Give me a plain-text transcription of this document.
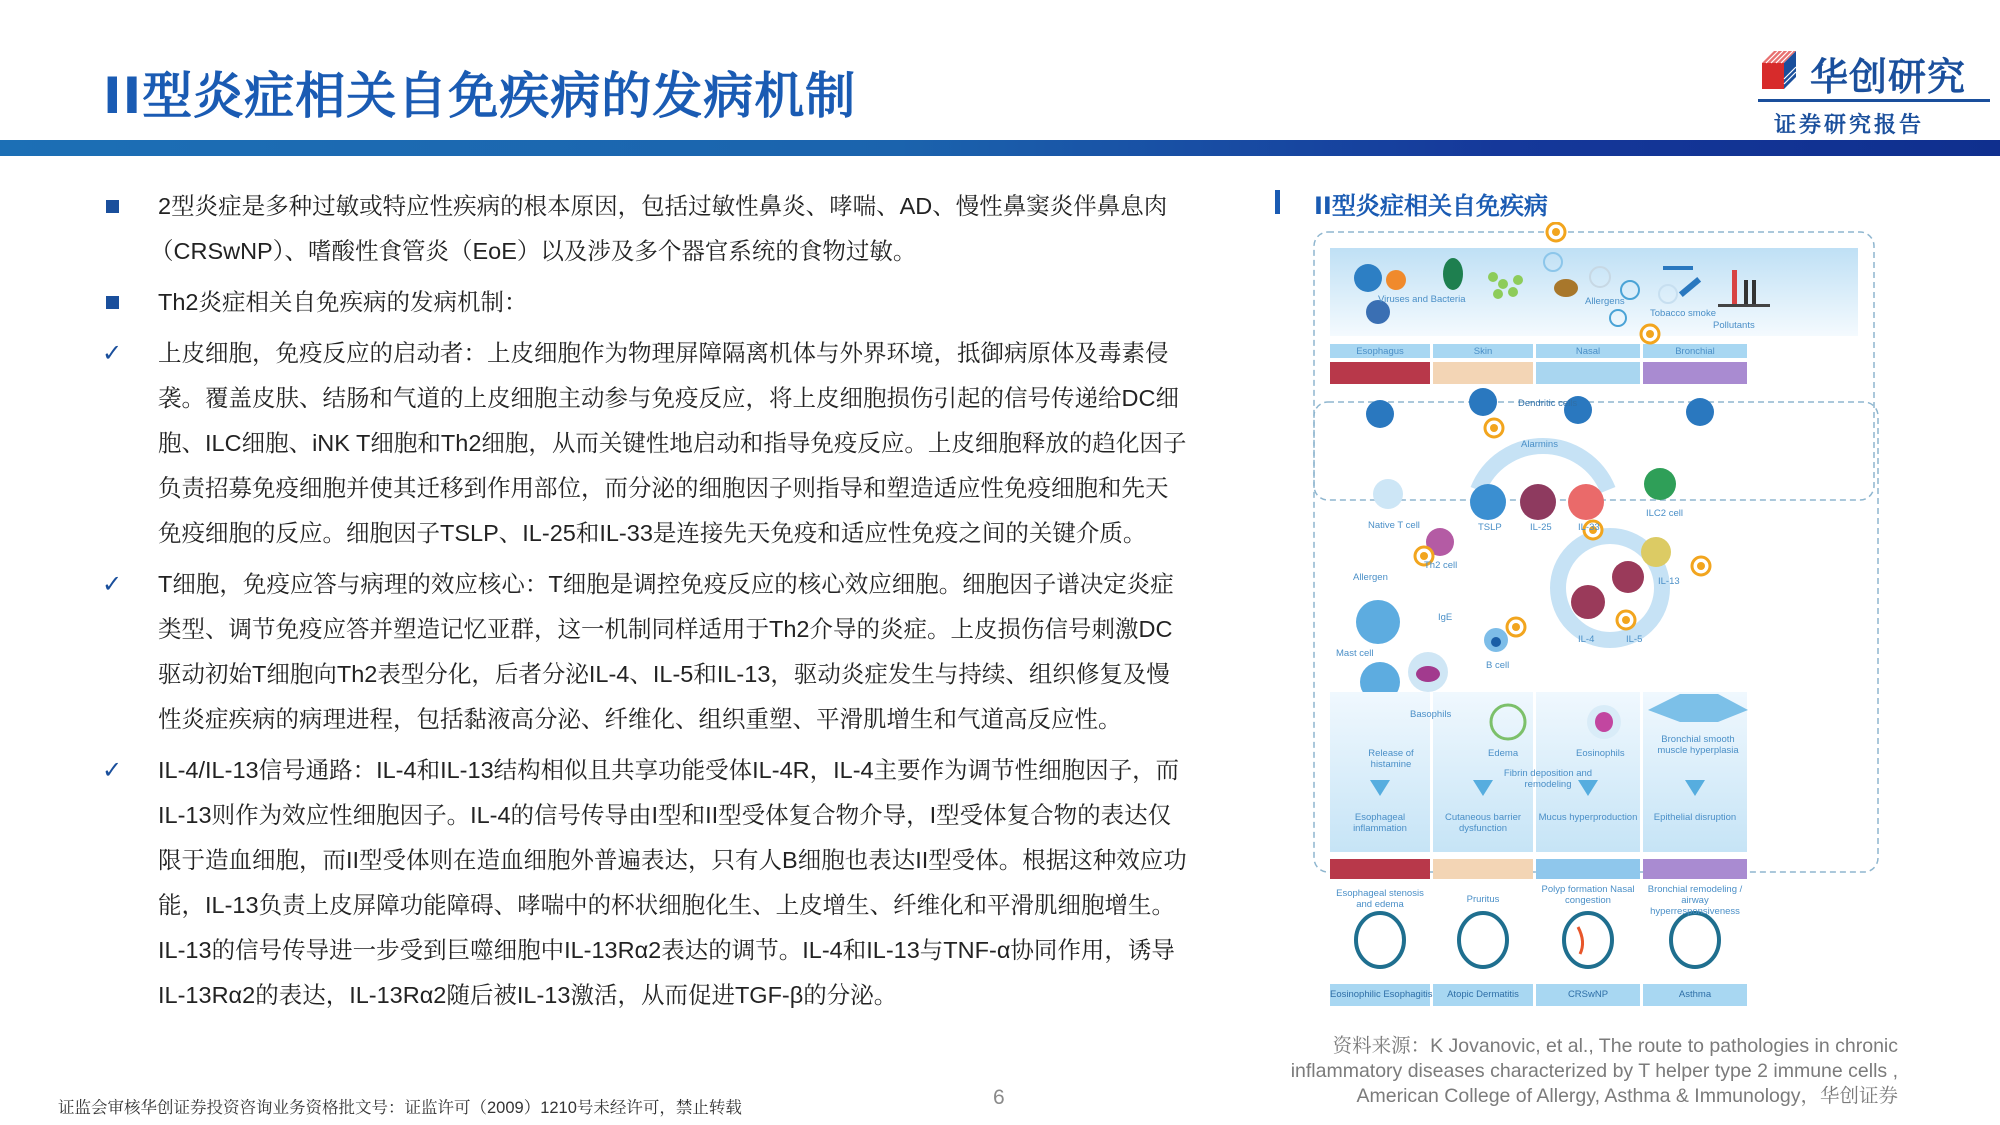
II型炎症相关自免疾病的发病机制	华创研究
证券研究报告
2型炎症是多种过敏或特应性疾病的根本原因，包括过敏性鼻炎、哮喘、AD、慢性鼻窦炎伴鼻息肉
（CRSwNP）、嗜酸性食管炎（EoE）以及涉及多个器官系统的食物过敏。
Th2炎症相关自免疾病的发病机制：
✓ 上皮细胞，免疫反应的启动者：上皮细胞作为物理屏障隔离机体与外界环境，抵御病原体及毒素侵
袭。覆盖皮肤、结肠和气道的上皮细胞主动参与免疫反应，将上皮细胞损伤引起的信号传递给DC细
胞、ILC细胞、iNK T细胞和Th2细胞，从而关键性地启动和指导免疫反应。上皮细胞释放的趋化因子
负责招募免疫细胞并使其迁移到作用部位，而分泌的细胞因子则指导和塑造适应性免疫细胞和先天
免疫细胞的反应。细胞因子TSLP、IL-25和IL-33是连接先天免疫和适应性免疫之间的关键介质。
✓ T细胞，免疫应答与病理的效应核心：T细胞是调控免疫反应的核心效应细胞。细胞因子谱决定炎症
类型、调节免疫应答并塑造记忆亚群，这一机制同样适用于Th2介导的炎症。上皮损伤信号刺激DC
驱动初始T细胞向Th2表型分化，后者分泌IL-4、IL-5和IL-13，驱动炎症发生与持续、组织修复及慢
性炎症疾病的病理进程，包括黏液高分泌、纤维化、组织重塑、平滑肌增生和气道高反应性。
✓ IL-4/IL-13信号通路：IL-4和IL-13结构相似且共享功能受体IL-4R，IL-4主要作为调节性细胞因子，而
IL-13则作为效应性细胞因子。IL-4的信号传导由I型和II型受体复合物介导，I型受体复合物的表达仅
限于造血细胞，而II型受体则在造血细胞外普遍表达，只有人B细胞也表达II型受体。根据这种效应功
能，IL-13负责上皮屏障功能障碍、哮喘中的杯状细胞化生、上皮增生、纤维化和平滑肌细胞增生。
IL-13的信号传导进一步受到巨噬细胞中IL-13Rα2表达的调节。IL-4和IL-13与TNF-α协同作用，诱导
IL-13Rα2的表达，IL-13Rα2随后被IL-13激活，从而促进TGF-β的分泌。
II型炎症相关自免疾病
Viruses and Bacteria	Allergens
Tobacco smoke
Pollutants
Esophagus	Skin	Nasal	Bronchial
Dendritic cells
Alarmins
TSLP	IL-25	IL-33
Native T cell
Th2 cell
ILC2 cell
Allergen
IgE
Mast cell
B cell
Basophils
Eosinophils
IL-4	IL-5
IL-13
Release of histamine
Edema
Fibrin deposition and remodeling
Bronchial smooth muscle hyperplasia
Esophageal inflammation
Cutaneous barrier dysfunction
Mucus hyperproduction	Epithelial disruption
Esophageal stenosis and edema	Pruritus
Polyp formation Nasal congestion
Bronchial remodeling / airway hyperresponsiveness
Eosinophilic Esophagitis	Atopic Dermatitis	CRSwNP	Asthma
资料来源：K Jovanovic, et al., The route to pathologies in chronic
inflammatory diseases characterized by T helper type 2 immune cells ,
American College of Allergy, Asthma & Immunology，华创证券
证监会审核华创证券投资咨询业务资格批文号：证监许可（2009）1210号未经许可，禁止转载	6
